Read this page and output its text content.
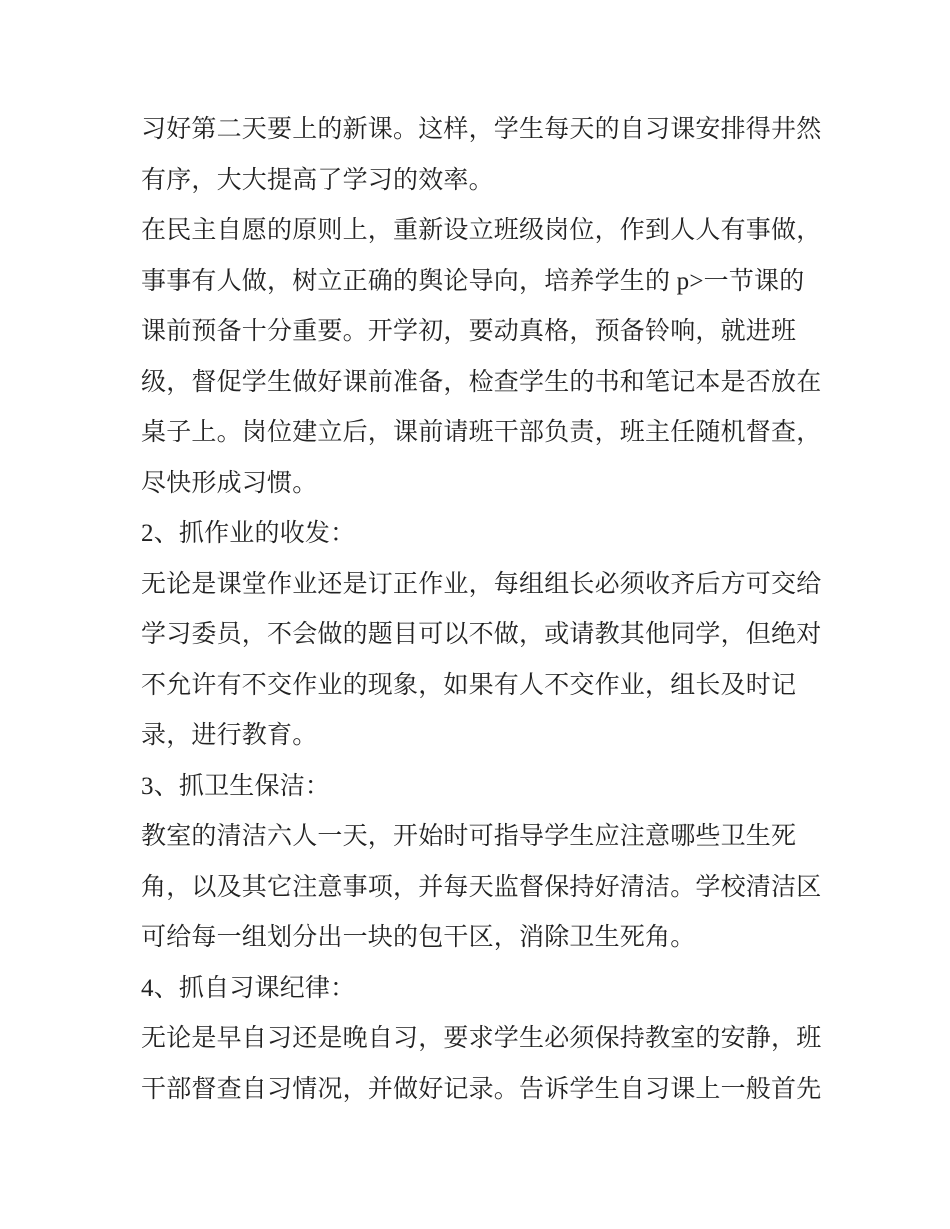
习好第二天要上的新课。这样，学生每天的自习课安排得井然
有序，大大提高了学习的效率。
在民主自愿的原则上，重新设立班级岗位，作到人人有事做，
事事有人做，树立正确的舆论导向，培养学生的 p>一节课的
课前预备十分重要。开学初，要动真格，预备铃响，就进班
级，督促学生做好课前准备，检查学生的书和笔记本是否放在
桌子上。岗位建立后，课前请班干部负责，班主任随机督查，
尽快形成习惯。
2、抓作业的收发：
无论是课堂作业还是订正作业，每组组长必须收齐后方可交给
学习委员，不会做的题目可以不做，或请教其他同学，但绝对
不允许有不交作业的现象，如果有人不交作业，组长及时记
录，进行教育。
3、抓卫生保洁：
教室的清洁六人一天，开始时可指导学生应注意哪些卫生死
角，以及其它注意事项，并每天监督保持好清洁。学校清洁区
可给每一组划分出一块的包干区，消除卫生死角。
4、抓自习课纪律：
无论是早自习还是晚自习，要求学生必须保持教室的安静，班
干部督查自习情况，并做好记录。告诉学生自习课上一般首先
